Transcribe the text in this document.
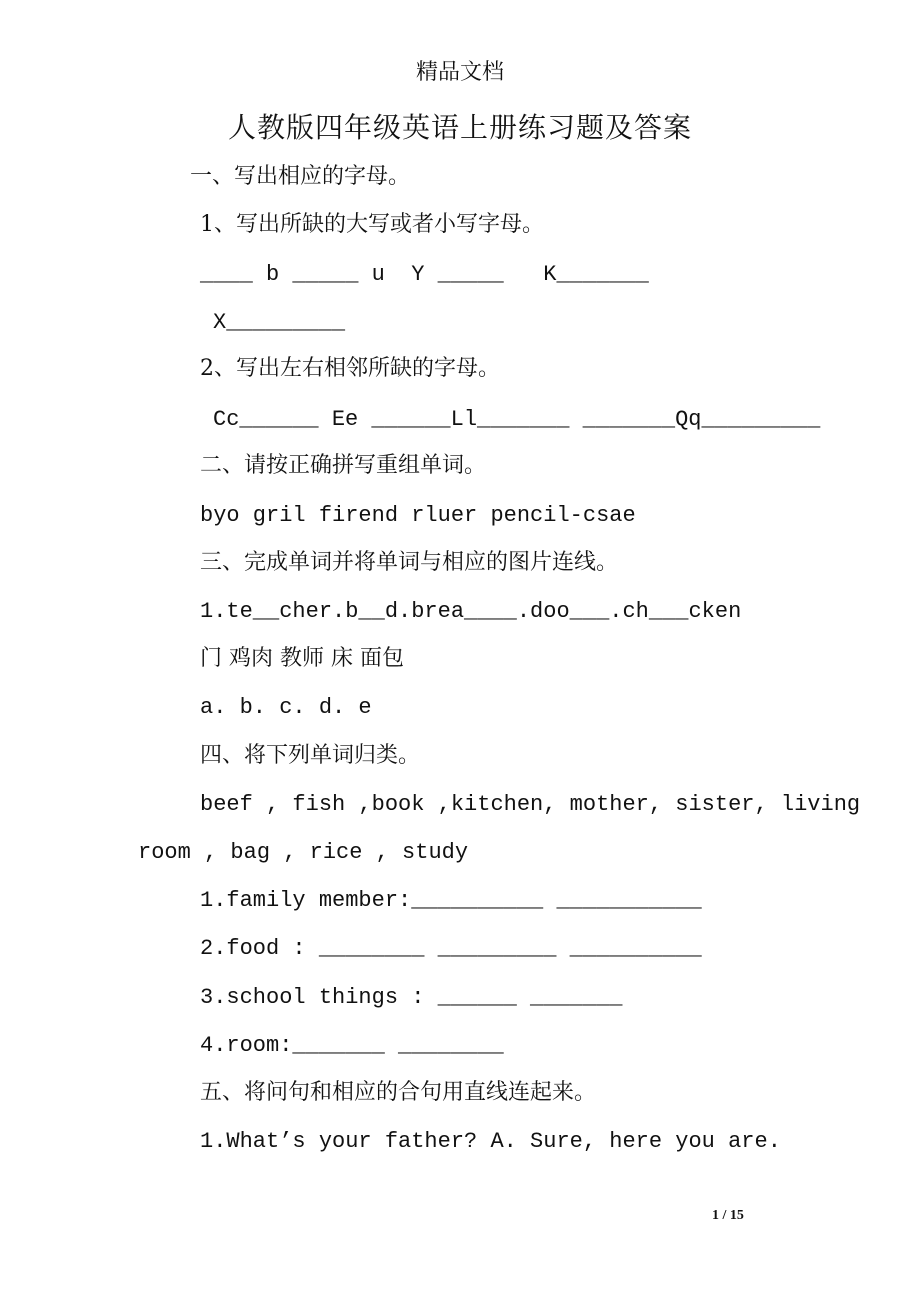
精品文档
人教版四年级英语上册练习题及答案
一、写出相应的字母。
1、写出所缺的大写或者小写字母。
____ b _____ u  Y _____   K_______
X_________
2、写出左右相邻所缺的字母。
Cc______ Ee ______Ll_______ _______Qq_________
二、请按正确拼写重组单词。
byo gril firend rluer pencil-csae
三、完成单词并将单词与相应的图片连线。
1.te__cher.b__d.brea____.doo___.ch___cken
门 鸡肉 教师 床 面包
a. b. c. d. e
四、将下列单词归类。
beef , fish ,book ,kitchen, mother, sister, living
room , bag , rice , study
1.family member:__________ ___________
2.food : ________ _________ __________
3.school things : ______ _______
4.room:_______ ________
五、将问句和相应的合句用直线连起来。
1.What’s your father? A. Sure, here you are.
1 / 15
